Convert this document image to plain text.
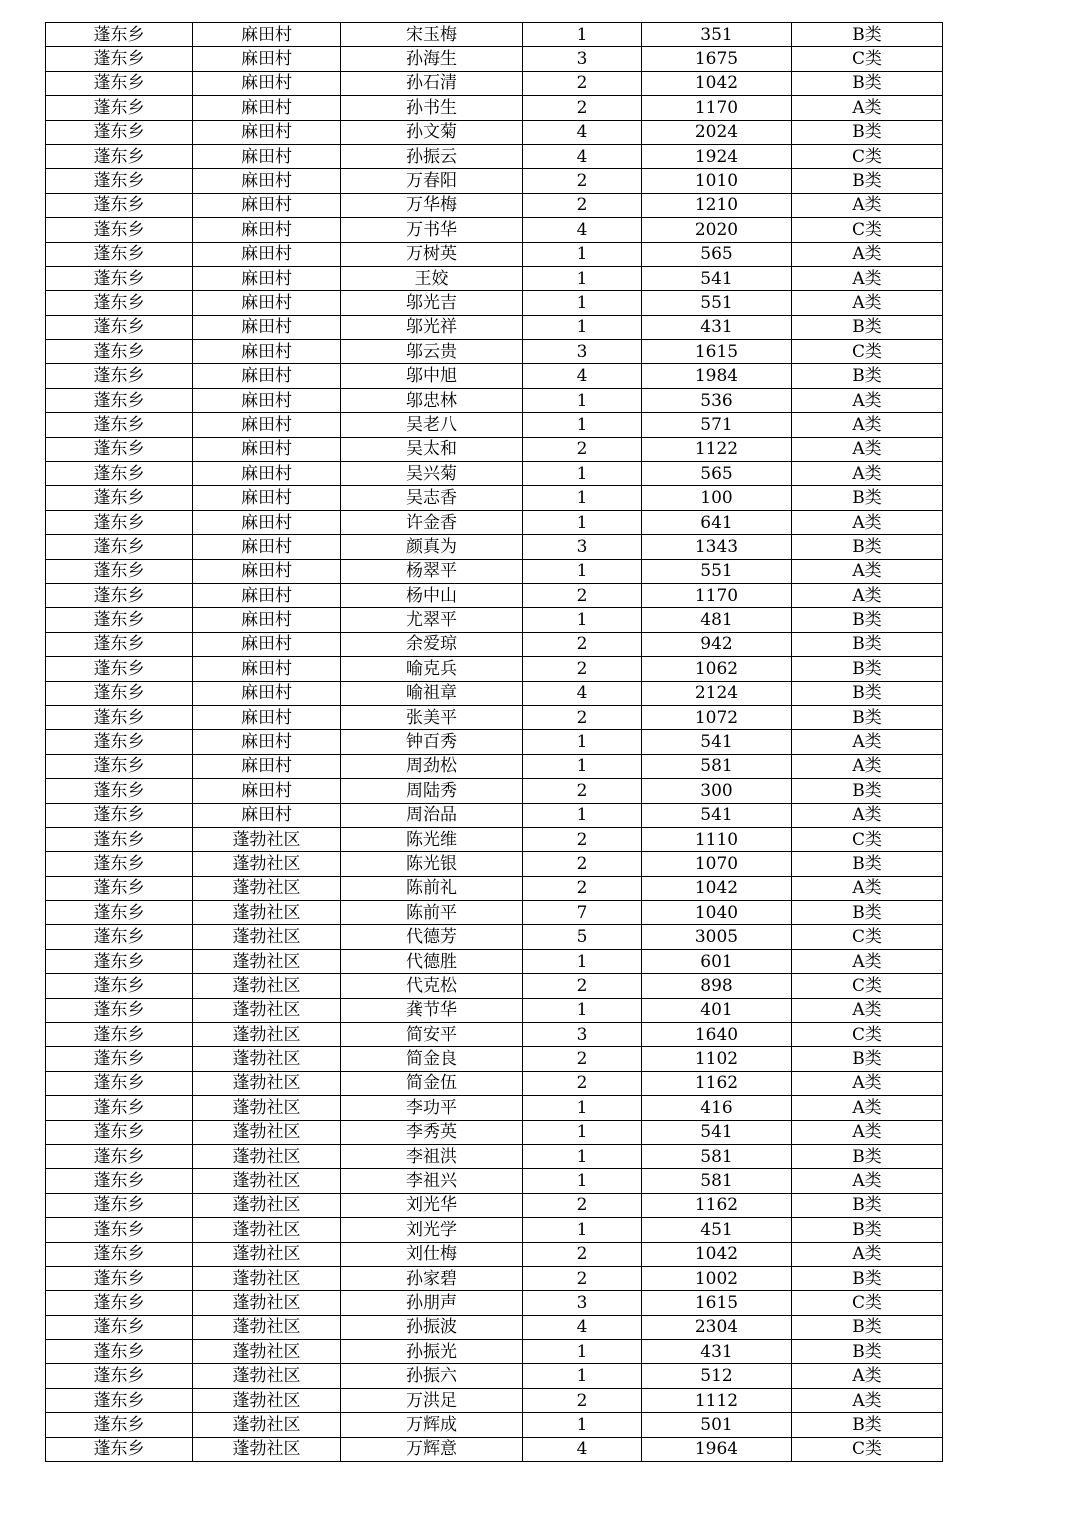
蓬东乡	麻田村	宋玉梅	1	351	B类
蓬东乡	麻田村	孙海生	3	1675	C类
蓬东乡	麻田村	孙石清	2	1042	B类
蓬东乡	麻田村	孙书生	2	1170	A类
蓬东乡	麻田村	孙文菊	4	2024	B类
蓬东乡	麻田村	孙振云	4	1924	C类
蓬东乡	麻田村	万春阳	2	1010	B类
蓬东乡	麻田村	万华梅	2	1210	A类
蓬东乡	麻田村	万书华	4	2020	C类
蓬东乡	麻田村	万树英	1	565	A类
蓬东乡	麻田村	王姣	1	541	A类
蓬东乡	麻田村	邬光吉	1	551	A类
蓬东乡	麻田村	邬光祥	1	431	B类
蓬东乡	麻田村	邬云贵	3	1615	C类
蓬东乡	麻田村	邬中旭	4	1984	B类
蓬东乡	麻田村	邬忠林	1	536	A类
蓬东乡	麻田村	吴老八	1	571	A类
蓬东乡	麻田村	吴太和	2	1122	A类
蓬东乡	麻田村	吴兴菊	1	565	A类
蓬东乡	麻田村	吴志香	1	100	B类
蓬东乡	麻田村	许金香	1	641	A类
蓬东乡	麻田村	颜真为	3	1343	B类
蓬东乡	麻田村	杨翠平	1	551	A类
蓬东乡	麻田村	杨中山	2	1170	A类
蓬东乡	麻田村	尤翠平	1	481	B类
蓬东乡	麻田村	余爱琼	2	942	B类
蓬东乡	麻田村	喻克兵	2	1062	B类
蓬东乡	麻田村	喻祖章	4	2124	B类
蓬东乡	麻田村	张美平	2	1072	B类
蓬东乡	麻田村	钟百秀	1	541	A类
蓬东乡	麻田村	周劲松	1	581	A类
蓬东乡	麻田村	周陆秀	2	300	B类
蓬东乡	麻田村	周治品	1	541	A类
蓬东乡	蓬勃社区	陈光维	2	1110	C类
蓬东乡	蓬勃社区	陈光银	2	1070	B类
蓬东乡	蓬勃社区	陈前礼	2	1042	A类
蓬东乡	蓬勃社区	陈前平	7	1040	B类
蓬东乡	蓬勃社区	代德芳	5	3005	C类
蓬东乡	蓬勃社区	代德胜	1	601	A类
蓬东乡	蓬勃社区	代克松	2	898	C类
蓬东乡	蓬勃社区	龚节华	1	401	A类
蓬东乡	蓬勃社区	简安平	3	1640	C类
蓬东乡	蓬勃社区	简金良	2	1102	B类
蓬东乡	蓬勃社区	简金伍	2	1162	A类
蓬东乡	蓬勃社区	李功平	1	416	A类
蓬东乡	蓬勃社区	李秀英	1	541	A类
蓬东乡	蓬勃社区	李祖洪	1	581	B类
蓬东乡	蓬勃社区	李祖兴	1	581	A类
蓬东乡	蓬勃社区	刘光华	2	1162	B类
蓬东乡	蓬勃社区	刘光学	1	451	B类
蓬东乡	蓬勃社区	刘仕梅	2	1042	A类
蓬东乡	蓬勃社区	孙家碧	2	1002	B类
蓬东乡	蓬勃社区	孙朋声	3	1615	C类
蓬东乡	蓬勃社区	孙振波	4	2304	B类
蓬东乡	蓬勃社区	孙振光	1	431	B类
蓬东乡	蓬勃社区	孙振六	1	512	A类
蓬东乡	蓬勃社区	万洪足	2	1112	A类
蓬东乡	蓬勃社区	万辉成	1	501	B类
蓬东乡	蓬勃社区	万辉意	4	1964	C类
